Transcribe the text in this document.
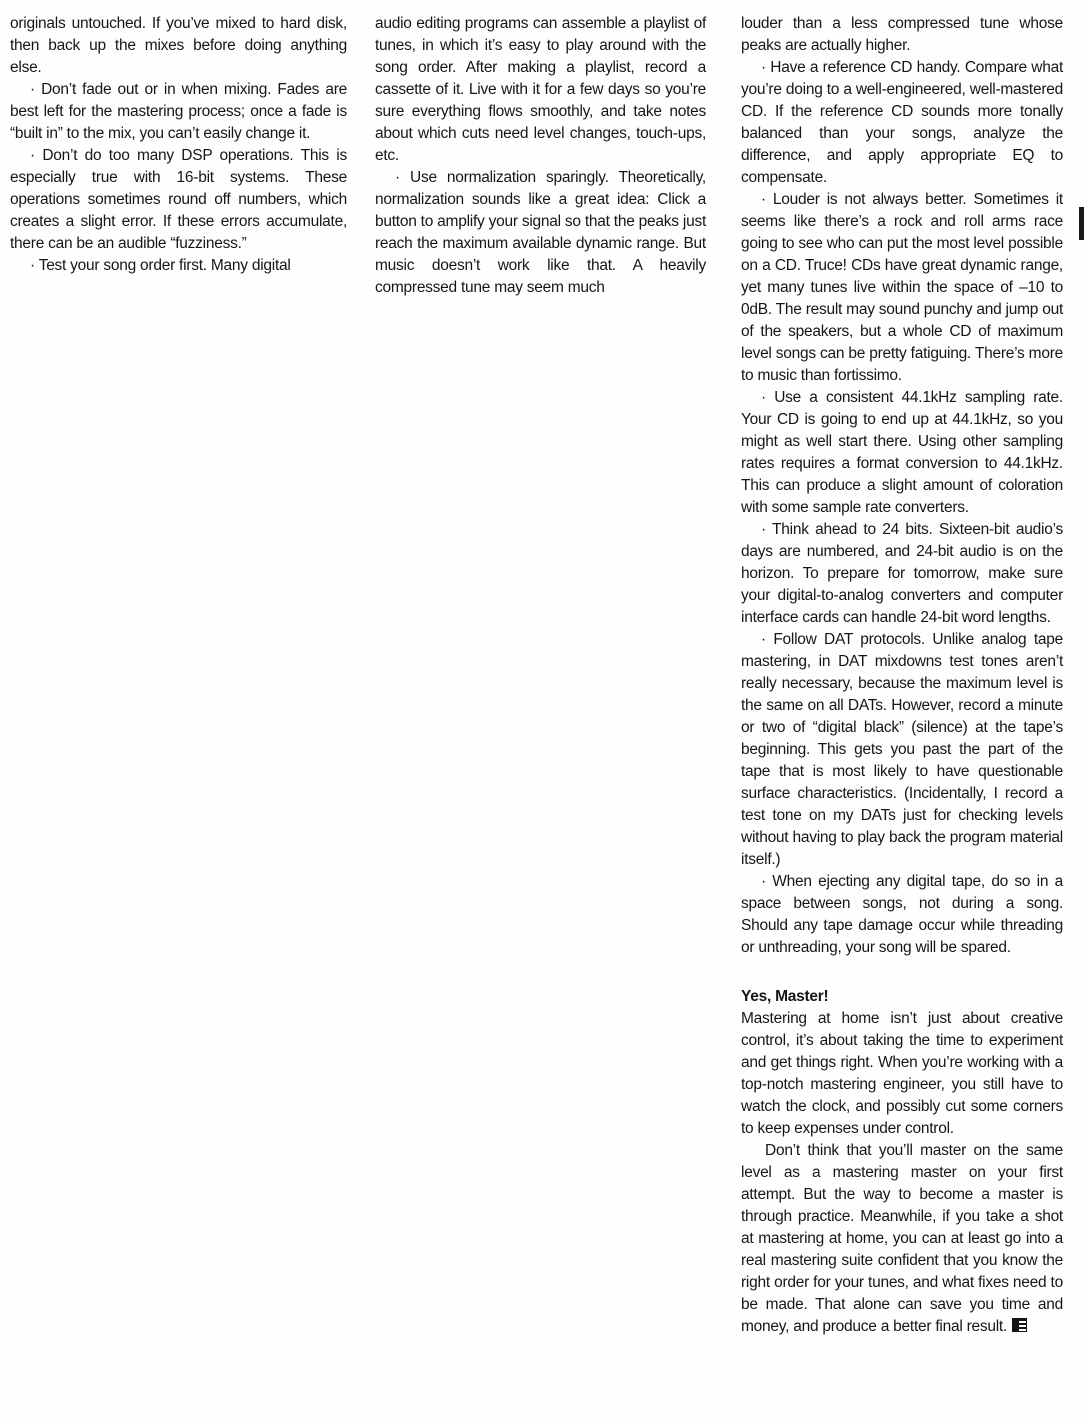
originals untouched. If you’ve mixed to hard disk, then back up the mixes before doing anything else.

· Don’t fade out or in when mixing. Fades are best left for the mastering process; once a fade is “built in” to the mix, you can’t easily change it.

· Don’t do too many DSP operations. This is especially true with 16-bit systems. These operations sometimes round off numbers, which creates a slight error. If these errors accumulate, there can be an audible “fuzziness.”

· Test your song order first. Many digital

audio editing programs can assemble a playlist of tunes, in which it’s easy to play around with the song order. After making a playlist, record a cassette of it. Live with it for a few days so you’re sure everything flows smoothly, and take notes about which cuts need level changes, touch-ups, etc.

· Use normalization sparingly. Theoretically, normalization sounds like a great idea: Click a button to amplify your signal so that the peaks just reach the maximum available dynamic range. But music doesn’t work like that. A heavily compressed tune may seem much

louder than a less compressed tune whose peaks are actually higher.

· Have a reference CD handy. Compare what you’re doing to a well-engineered, well-mastered CD. If the reference CD sounds more tonally balanced than your songs, analyze the difference, and apply appropriate EQ to compensate.

· Louder is not always better. Sometimes it seems like there’s a rock and roll arms race going to see who can put the most level possible on a CD. Truce! CDs have great dynamic range, yet many tunes live within the space of –10 to 0dB. The result may sound punchy and jump out of the speakers, but a whole CD of maximum level songs can be pretty fatiguing. There’s more to music than fortissimo.

· Use a consistent 44.1kHz sampling rate. Your CD is going to end up at 44.1kHz, so you might as well start there. Using other sampling rates requires a format conversion to 44.1kHz. This can produce a slight amount of coloration with some sample rate converters.

· Think ahead to 24 bits. Sixteen-bit audio’s days are numbered, and 24-bit audio is on the horizon. To prepare for tomorrow, make sure your digital-to-analog converters and computer interface cards can handle 24-bit word lengths.

· Follow DAT protocols. Unlike analog tape mastering, in DAT mixdowns test tones aren’t really necessary, because the maximum level is the same on all DATs. However, record a minute or two of “digital black” (silence) at the tape’s beginning. This gets you past the part of the tape that is most likely to have questionable surface characteristics. (Incidentally, I record a test tone on my DATs just for checking levels without having to play back the program material itself.)

· When ejecting any digital tape, do so in a space between songs, not during a song. Should any tape damage occur while threading or unthreading, your song will be spared.

Yes, Master!

Mastering at home isn’t just about creative control, it’s about taking the time to experiment and get things right. When you’re working with a top-notch mastering engineer, you still have to watch the clock, and possibly cut some corners to keep expenses under control.

Don’t think that you’ll master on the same level as a mastering master on your first attempt. But the way to become a master is through practice. Meanwhile, if you take a shot at mastering at home, you can at least go into a real mastering suite confident that you know the right order for your tunes, and what fixes need to be made. That alone can save you time and money, and produce a better final result.
